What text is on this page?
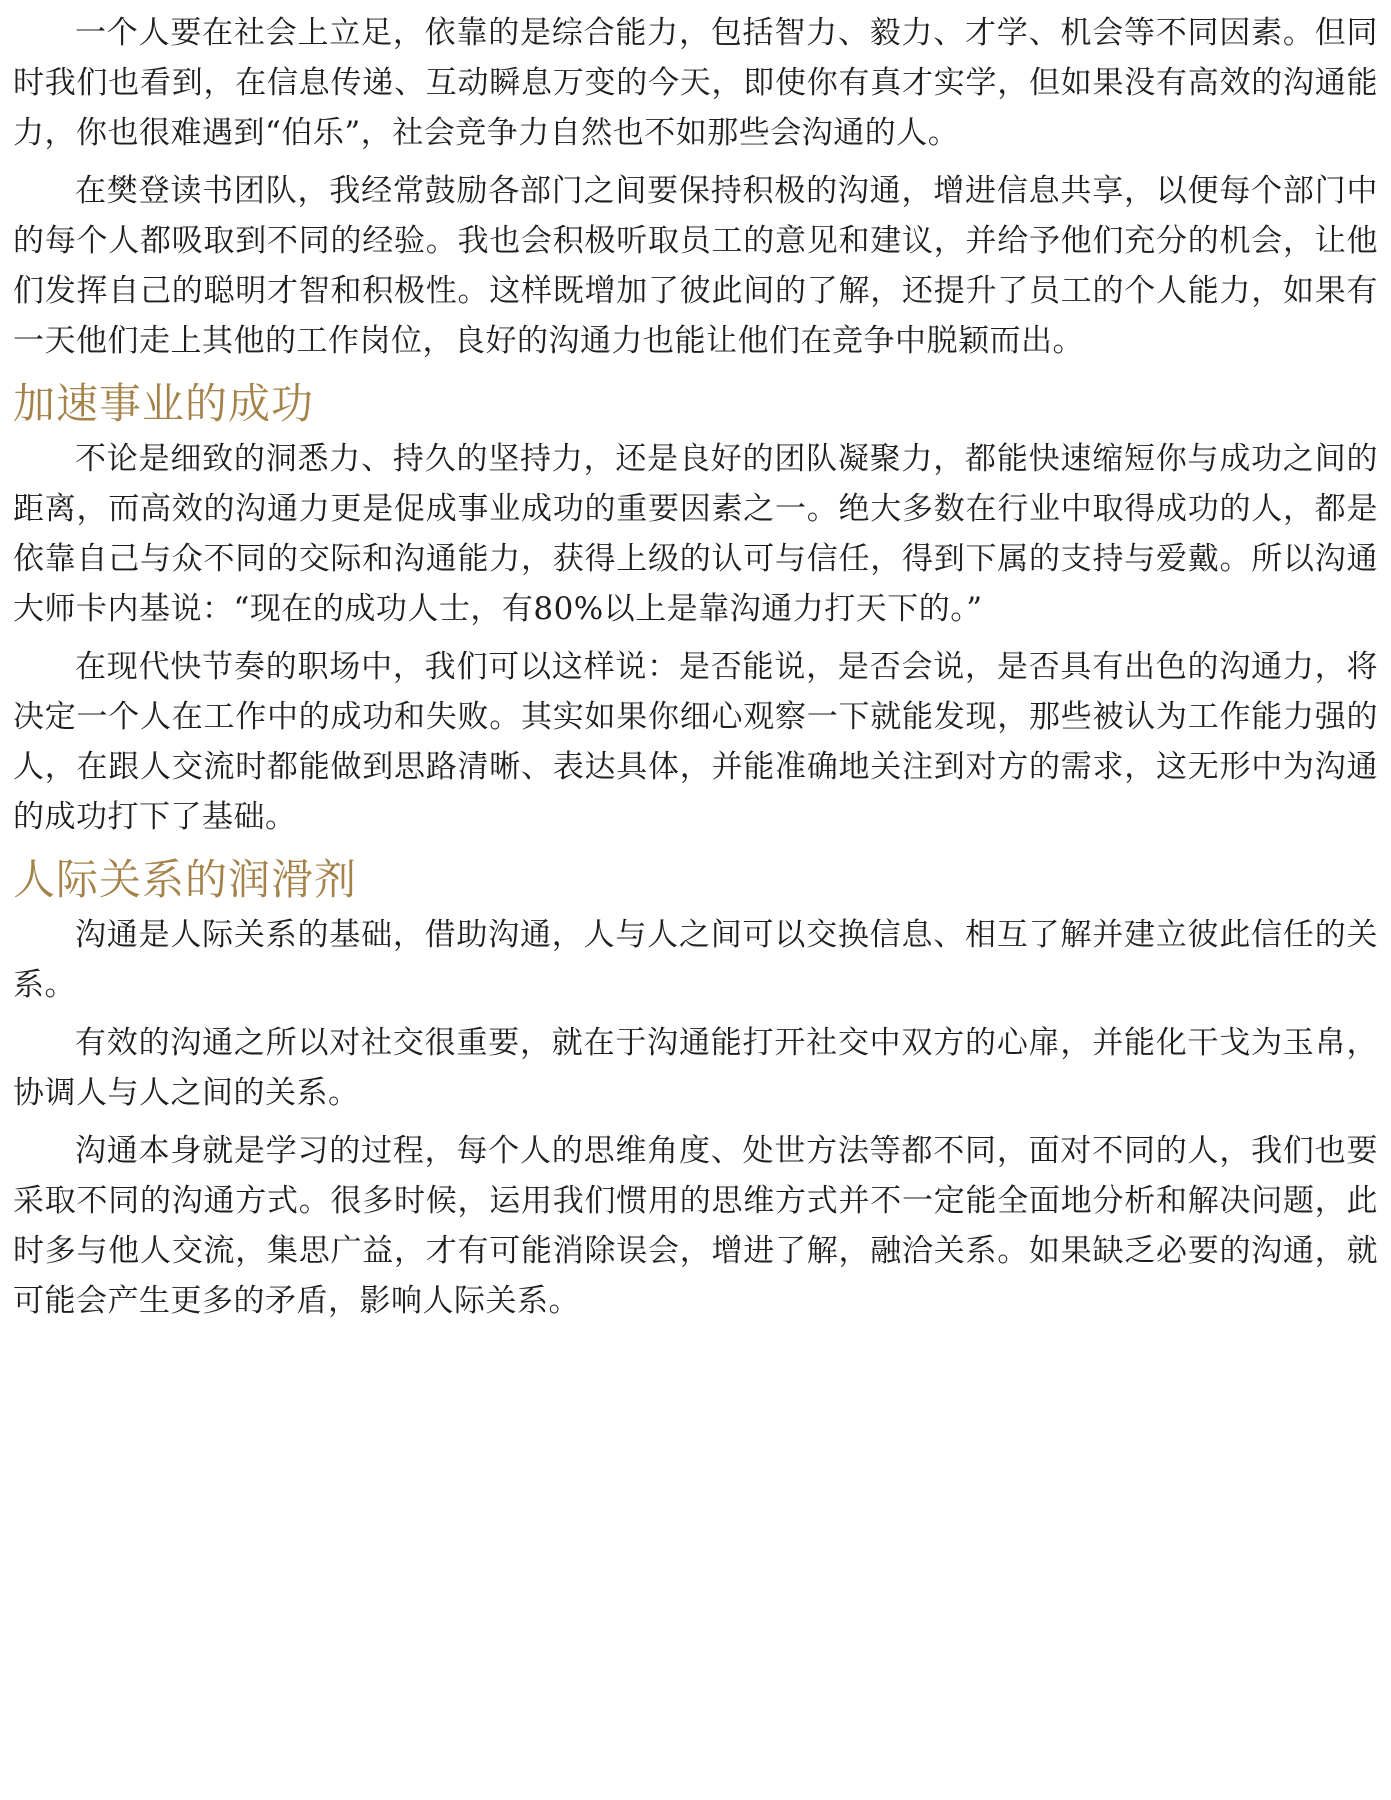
一个人要在社会上立足，依靠的是综合能力，包括智力、毅力、才学、机会等不同因素。但同时我们也看到，在信息传递、互动瞬息万变的今天，即使你有真才实学，但如果没有高效的沟通能力，你也很难遇到“伯乐”，社会竞争力自然也不如那些会沟通的人。

在樊登读书团队，我经常鼓励各部门之间要保持积极的沟通，增进信息共享，以便每个部门中的每个人都吸取到不同的经验。我也会积极听取员工的意见和建议，并给予他们充分的机会，让他们发挥自己的聪明才智和积极性。这样既增加了彼此间的了解，还提升了员工的个人能力，如果有一天他们走上其他的工作岗位，良好的沟通力也能让他们在竞争中脱颖而出。

加速事业的成功

不论是细致的洞悉力、持久的坚持力，还是良好的团队凝聚力，都能快速缩短你与成功之间的距离，而高效的沟通力更是促成事业成功的重要因素之一。绝大多数在行业中取得成功的人，都是依靠自己与众不同的交际和沟通能力，获得上级的认可与信任，得到下属的支持与爱戴。所以沟通大师卡内基说：“现在的成功人士，有80%以上是靠沟通力打天下的。”

在现代快节奏的职场中，我们可以这样说：是否能说，是否会说，是否具有出色的沟通力，将决定一个人在工作中的成功和失败。其实如果你细心观察一下就能发现，那些被认为工作能力强的人，在跟人交流时都能做到思路清晰、表达具体，并能准确地关注到对方的需求，这无形中为沟通的成功打下了基础。

人际关系的润滑剂

沟通是人际关系的基础，借助沟通，人与人之间可以交换信息、相互了解并建立彼此信任的关系。

有效的沟通之所以对社交很重要，就在于沟通能打开社交中双方的心扉，并能化干戈为玉帛，协调人与人之间的关系。

沟通本身就是学习的过程，每个人的思维角度、处世方法等都不同，面对不同的人，我们也要采取不同的沟通方式。很多时候，运用我们惯用的思维方式并不一定能全面地分析和解决问题，此时多与他人交流，集思广益，才有可能消除误会，增进了解，融洽关系。如果缺乏必要的沟通，就可能会产生更多的矛盾，影响人际关系。
